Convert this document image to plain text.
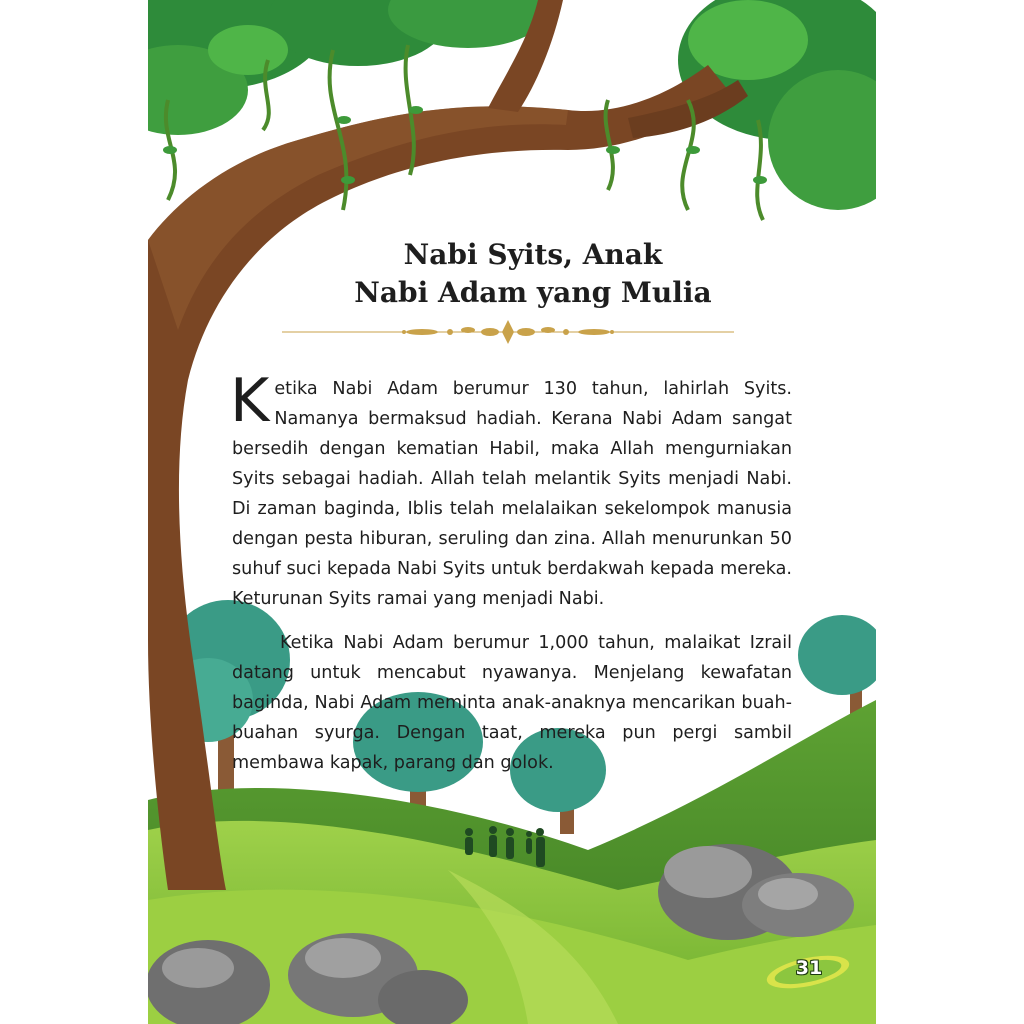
Nabi Syits, Anak
Nabi Adam yang Mulia

Ketika Nabi Adam berumur 130 tahun, lahirlah Syits. Namanya bermaksud hadiah. Kerana Nabi Adam sangat bersedih dengan kematian Habil, maka Allah mengurniakan Syits sebagai hadiah. Allah telah melantik Syits menjadi Nabi. Di zaman baginda, Iblis telah melalaikan sekelompok manusia dengan pesta hiburan, seruling dan zina. Allah menurunkan 50 suhuf suci kepada Nabi Syits untuk berdakwah kepada mereka. Keturunan Syits ramai yang menjadi Nabi.

Ketika Nabi Adam berumur 1,000 tahun, malaikat Izrail datang untuk mencabut nyawanya. Menjelang kewafatan baginda, Nabi Adam meminta anak-anaknya mencarikan buah-buahan syurga. Dengan taat, mereka pun pergi sambil membawa kapak, parang dan golok.

31
